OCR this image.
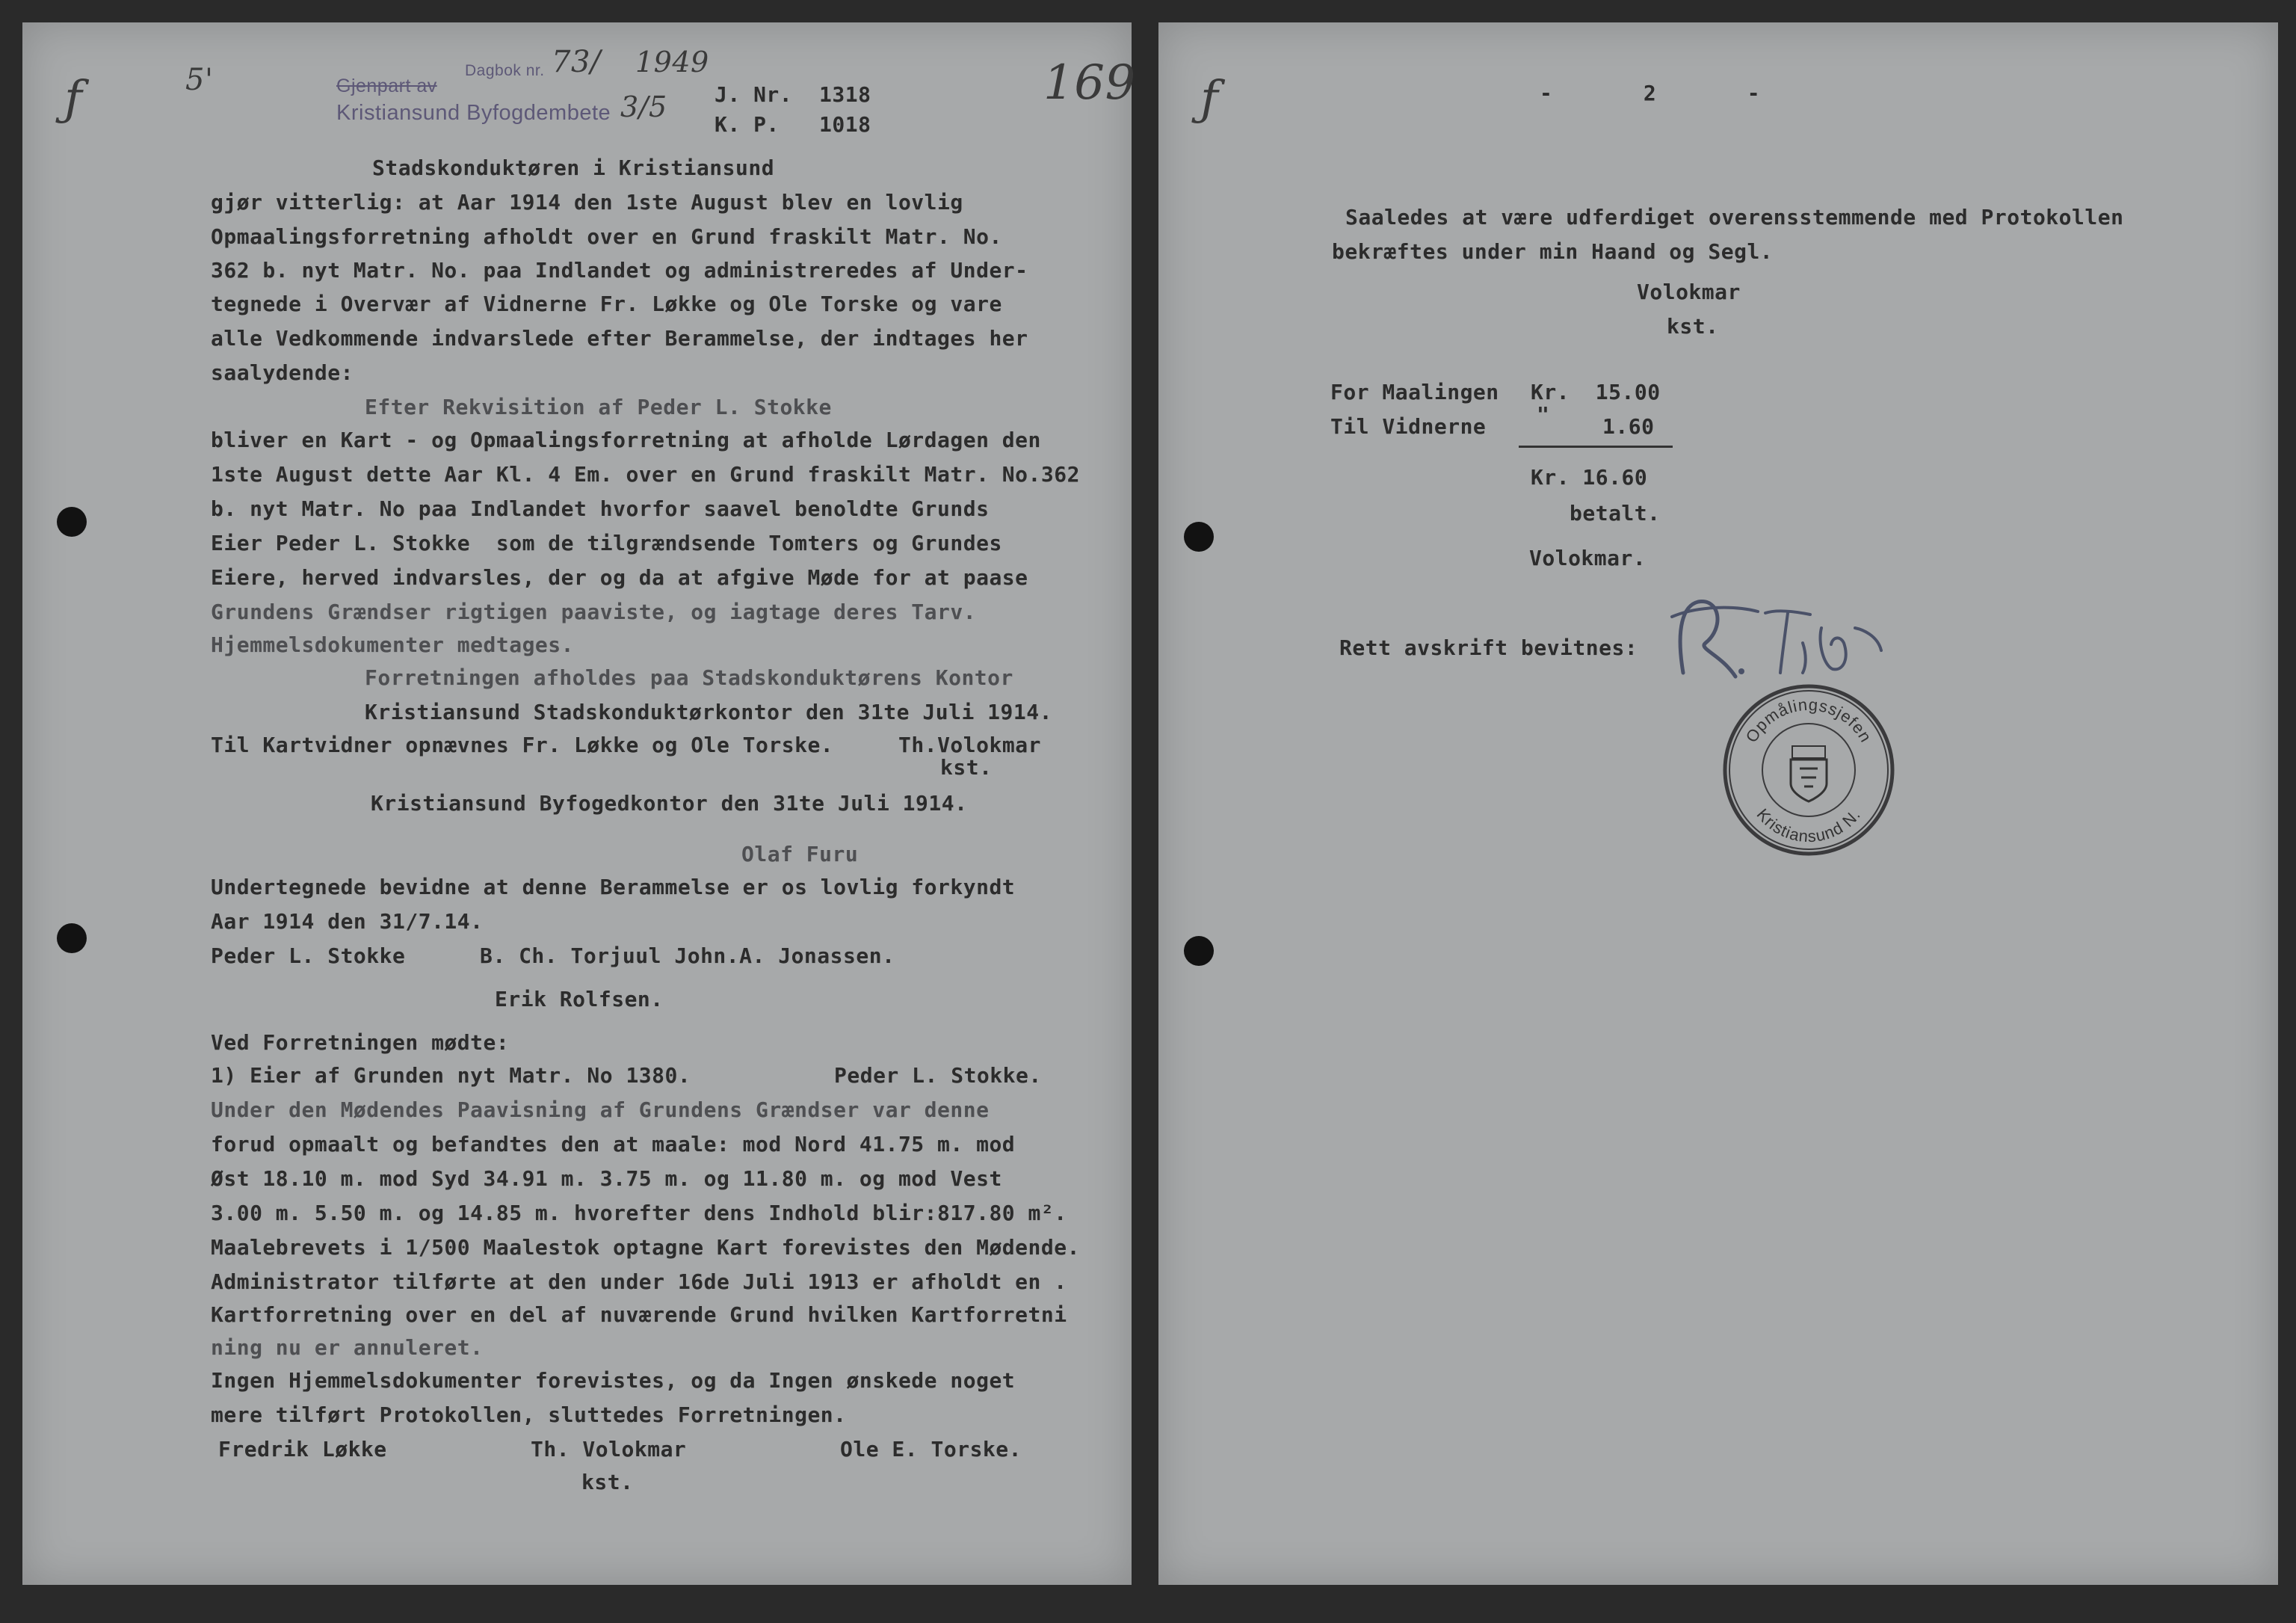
ƒ	5'	Gjenpart av
Dagbok nr. 73/ 1949
Kristiansund Byfogdembete 3/5 J. Nr. 1318
K. P. 1018
169
Stadskonduktøren i Kristiansund
gjør vitterlig: at Aar 1914 den 1ste August blev en lovlig
Opmaalingsforretning afholdt over en Grund fraskilt Matr. No.
362 b. nyt Matr. No. paa Indlandet og administreredes af Under-
tegnede i Overvær af Vidnerne Fr. Løkke og Ole Torske og vare
alle Vedkommende indvarslede efter Berammelse, der indtages her
saalydende:
Efter Rekvisition af Peder L. Stokke
bliver en Kart - og Opmaalingsforretning at afholde Lørdagen den
1ste August dette Aar Kl. 4 Em. over en Grund fraskilt Matr. No.362
b. nyt Matr. No paa Indlandet hvorfor saavel benoldte Grunds
Eier Peder L. Stokke  som de tilgrændsende Tomters og Grundes
Eiere, herved indvarsles, der og da at afgive Møde for at paase
Grundens Grændser rigtigen paaviste, og iagtage deres Tarv.
Hjemmelsdokumenter medtages.
Forretningen afholdes paa Stadskonduktørens Kontor
Kristiansund Stadskonduktørkontor den 31te Juli 1914.
Til Kartvidner opnævnes Fr. Løkke og Ole Torske.	Th.Volokmar
kst.
Kristiansund Byfogedkontor den 31te Juli 1914.
Olaf Furu
Undertegnede bevidne at denne Berammelse er os lovlig forkyndt
Aar 1914 den 31/7.14.
Peder L. Stokke	B. Ch. Torjuul John.A. Jonassen.
Erik Rolfsen.
Ved Forretningen mødte:
1) Eier af Grunden nyt Matr. No 1380.	Peder L. Stokke.
Under den Mødendes Paavisning af Grundens Grændser var denne
forud opmaalt og befandtes den at maale: mod Nord 41.75 m. mod
Øst 18.10 m. mod Syd 34.91 m. 3.75 m. og 11.80 m. og mod Vest
3.00 m. 5.50 m. og 14.85 m. hvorefter dens Indhold blir:817.80 m².
Maalebrevets i 1/500 Maalestok optagne Kart forevistes den Mødende.
Administrator tilførte at den under 16de Juli 1913 er afholdt en .
Kartforretning over en del af nuværende Grund hvilken Kartforretni
ning nu er annuleret.
Ingen Hjemmelsdokumenter forevistes, og da Ingen ønskede noget
mere tilført Protokollen, sluttedes Forretningen.
Fredrik Løkke	Th. Volokmar	Ole E. Torske.
kst.
ƒ	-       2       -
Saaledes at være udferdiget overensstemmende med Protokollen
bekræftes under min Haand og Segl.
Volokmar
kst.
For Maalingen Kr.  15.00
Til Vidnerne "	1.60
Kr. 16.60
betalt.
Volokmar.
Rett avskrift bevitnes:
Opmålingssjefen
Kristiansund N.
